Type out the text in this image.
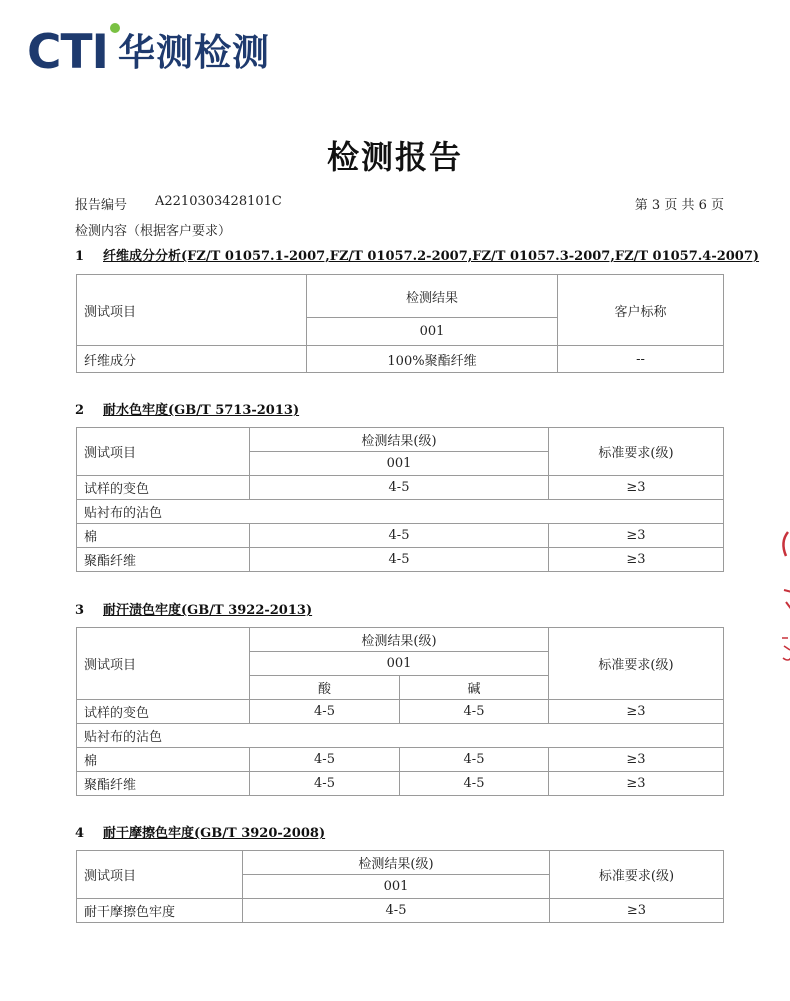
CTI 华测检测
检测报告
报告编号 A2210303428101C	第 3 页 共 6 页
检测内容（根据客户要求）
1 纤维成分分析(FZ/T 01057.1-2007,FZ/T 01057.2-2007,FZ/T 01057.3-2007,FZ/T 01057.4-2007)
测试项目	检测结果	客户标称
	001	
纤维成分	100%聚酯纤维	--
2 耐水色牢度(GB/T 5713-2013)
测试项目	检测结果(级)	标准要求(级)
	001	
试样的变色	4-5	≥3
贴衬布的沾色		
棉	4-5	≥3
聚酯纤维	4-5	≥3
3 耐汗渍色牢度(GB/T 3922-2013)
测试项目	检测结果(级)		标准要求(级)
	001		
	酸	碱	
试样的变色	4-5	4-5	≥3
贴衬布的沾色			
棉	4-5	4-5	≥3
聚酯纤维	4-5	4-5	≥3
4 耐干摩擦色牢度(GB/T 3920-2008)
测试项目	检测结果(级)	标准要求(级)
	001	
耐干摩擦色牢度	4-5	≥3
